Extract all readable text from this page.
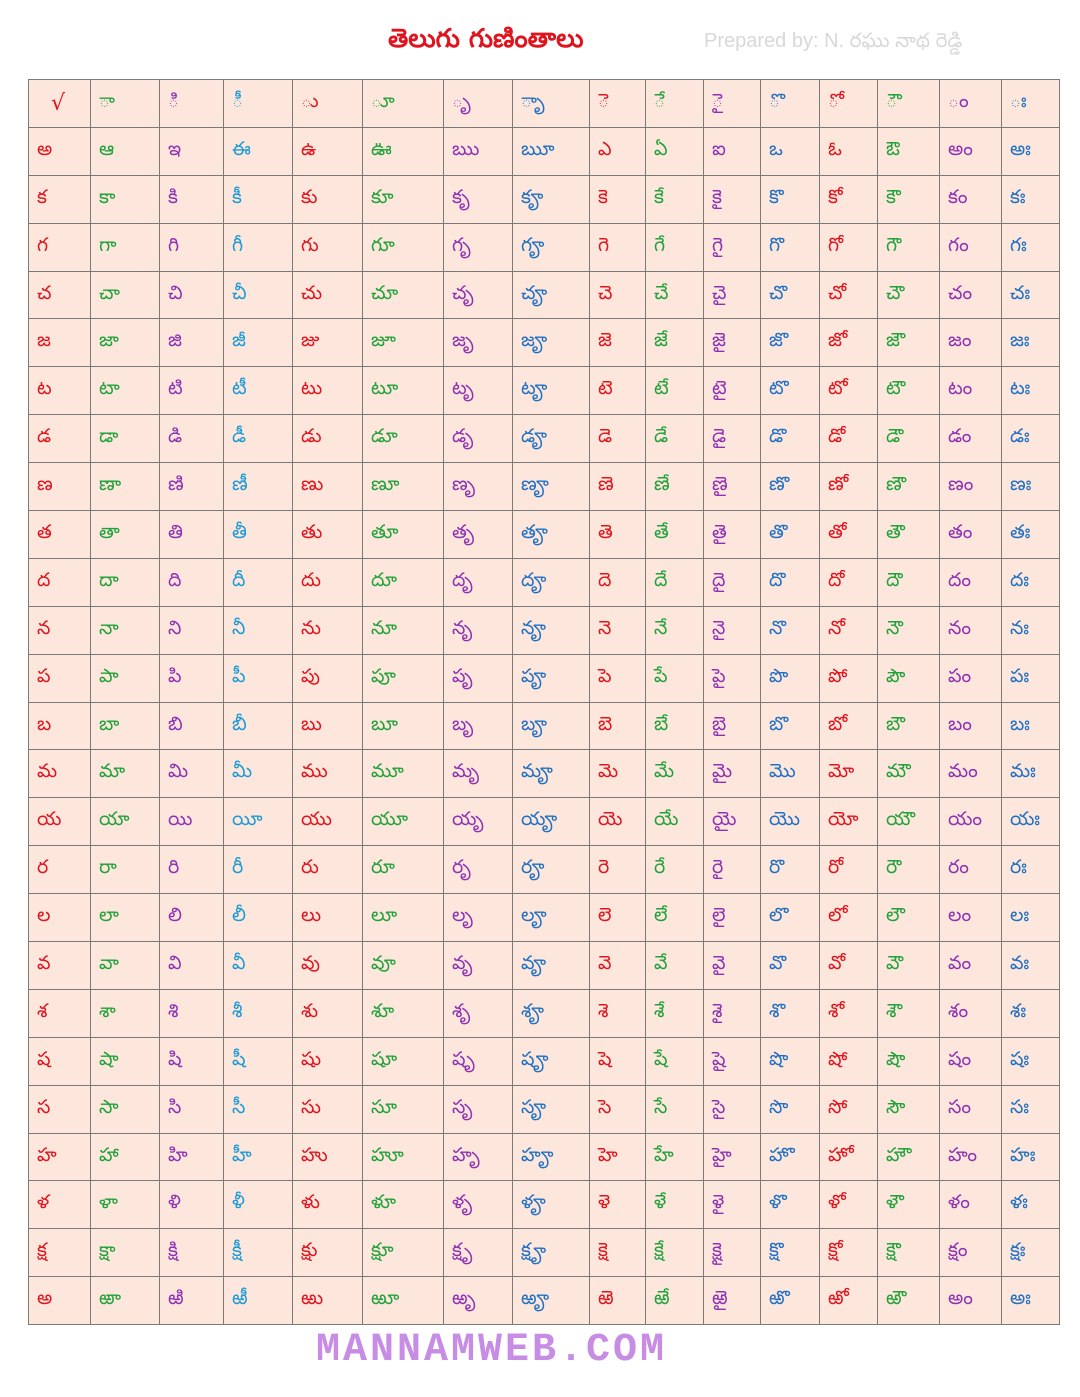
తెలుగు గుణింతాలు	Prepared by: N. రఘు నాథ రెడ్డి
√	ా	ి	ీ	ు	ూ	ృ	ృా	ె	ే	ై	ొ	ో	ౌ	ం	ః
అ	ఆ	ఇ	ఈ	ఉ	ఊ	ఋ	ౠ	ఎ	ఏ	ఐ	ఒ	ఓ	ఔ	అం	అః
క	కా	కి	కీ	కు	కూ	కృ	కౄ	కె	కే	కై	కొ	కో	కౌ	కం	కః
గ	గా	గి	గీ	గు	గూ	గృ	గౄ	గె	గే	గై	గొ	గో	గౌ	గం	గః
చ	చా	చి	చీ	చు	చూ	చృ	చౄ	చె	చే	చై	చొ	చో	చౌ	చం	చః
జ	జా	జి	జీ	జు	జూ	జృ	జౄ	జె	జే	జై	జొ	జో	జౌ	జం	జః
ట	టా	టి	టీ	టు	టూ	టృ	టౄ	టె	టే	టై	టొ	టో	టౌ	టం	టః
డ	డా	డి	డీ	డు	డూ	డృ	డౄ	డె	డే	డై	డొ	డో	డౌ	డం	డః
ణ	ణా	ణి	ణీ	ణు	ణూ	ణృ	ణౄ	ణె	ణే	ణై	ణొ	ణో	ణౌ	ణం	ణః
త	తా	తి	తీ	తు	తూ	తృ	తౄ	తె	తే	తై	తొ	తో	తౌ	తం	తః
ద	దా	ది	దీ	దు	దూ	దృ	దౄ	దె	దే	దై	దొ	దో	దౌ	దం	దః
న	నా	ని	నీ	ను	నూ	నృ	నౄ	నె	నే	నై	నొ	నో	నౌ	నం	నః
ప	పా	పి	పీ	పు	పూ	పృ	పౄ	పె	పే	పై	పొ	పో	పౌ	పం	పః
బ	బా	బి	బీ	బు	బూ	బృ	బౄ	బె	బే	బై	బొ	బో	బౌ	బం	బః
మ	మా	మి	మీ	ము	మూ	మృ	మౄ	మె	మే	మై	మొ	మో	మౌ	మం	మః
య	యా	యి	యీ	యు	యూ	యృ	యౄ	యె	యే	యై	యొ	యో	యౌ	యం	యః
ర	రా	రి	రీ	రు	రూ	రృ	రౄ	రె	రే	రై	రొ	రో	రౌ	రం	రః
ల	లా	లి	లీ	లు	లూ	లృ	లౄ	లె	లే	లై	లొ	లో	లౌ	లం	లః
వ	వా	వి	వీ	వు	వూ	వృ	వౄ	వె	వే	వై	వొ	వో	వౌ	వం	వః
శ	శా	శి	శీ	శు	శూ	శృ	శౄ	శె	శే	శై	శొ	శో	శౌ	శం	శః
ష	షా	షి	షీ	షు	షూ	షృ	షౄ	షె	షే	షై	షొ	షో	షౌ	షం	షః
స	సా	సి	సీ	సు	సూ	సృ	సౄ	సె	సే	సై	సొ	సో	సౌ	సం	సః
హ	హా	హి	హీ	హు	హూ	హృ	హౄ	హె	హే	హై	హొ	హో	హౌ	హం	హః
ళ	ళా	ళి	ళీ	ళు	ళూ	ళృ	ళౄ	ళె	ళే	ళై	ళొ	ళో	ళౌ	ళం	ళః
క్ష	క్షా	క్షి	క్షీ	క్షు	క్షూ	క్షృ	క్షౄ	క్షె	క్షే	క్షై	క్షొ	క్షో	క్షౌ	క్షం	క్షః
అ	ఱా	ఱి	ఱీ	ఱు	ఱూ	ఱృ	ఱౄ	ఱె	ఱే	ఱై	ఱొ	ఱో	ఱౌ	అం	అః
MANNAMWEB.COM
